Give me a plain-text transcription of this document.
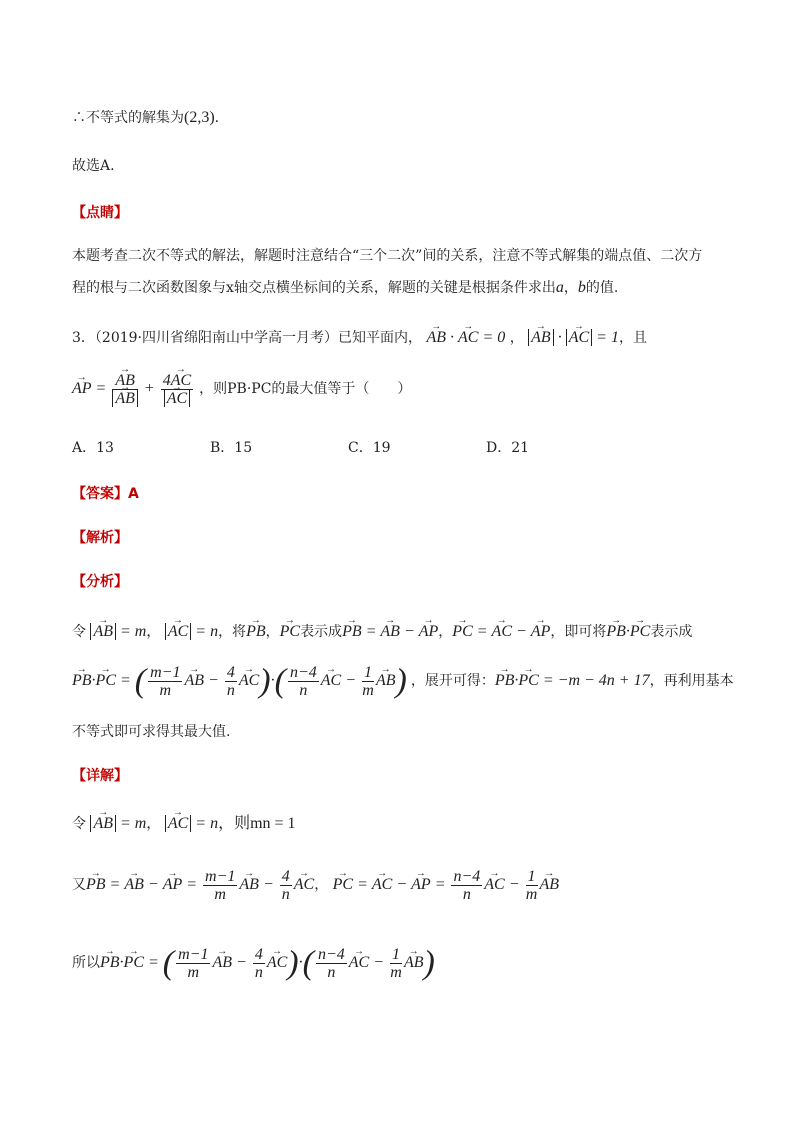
∴不等式的解集为(2,3).
故选A.
【点睛】
本题考查二次不等式的解法，解题时注意结合“三个二次”间的关系，注意不等式解集的端点值、二次方
程的根与二次函数图象与x轴交点横坐标间的关系，解题的关键是根据条件求出a，b的值.
3．（2019·四川省绵阳南山中学高一月考）已知平面内， → AB · → AC = 0 ， → AB · → AC = 1，且
→ AP =
→ AB
→ AB + 4→ AC
→ AC ，则PB·PC的最大值等于（　　）
A．13	B．15	C．19	D．21
【答案】A
【解析】
【分析】
令 → AB = m， → AC = n，将→ PB，→ PC表示成→ PB = → AB − → AP，→ PC = → AC − → AP，即可将→ PB·→ PC表示成
→ PB·→ PC = ( $\frac{m-1}{m}$
→ AB − $\frac{4}{n}$
→ $AC)\cdot( \frac{n-4}{n}$
→ AC − $\frac{1}{m}$
→ AB) ，展开可得：→ PB·→ PC = −m − 4n + 17，再利用基本
不等式即可求得其最大值.
【详解】
令 → AB = m， → AC = n，则mn = 1
又→ PB = → AB − → AP = $\frac{m-1}{m}$
→ AB − $\frac{4}{n}$
→ AC， → PC = → AC − → AP = $\frac{n-4}{n}$
→ AC − $\frac{1}{m}$
→ AB
所以→ PB·→ PC = ( $\frac{m-1}{m}$
→ AB − $\frac{4}{n}$
→ $AC)\cdot( \frac{n-4}{n}$
→ AC − $\frac{1}{m}$
→ AB)
